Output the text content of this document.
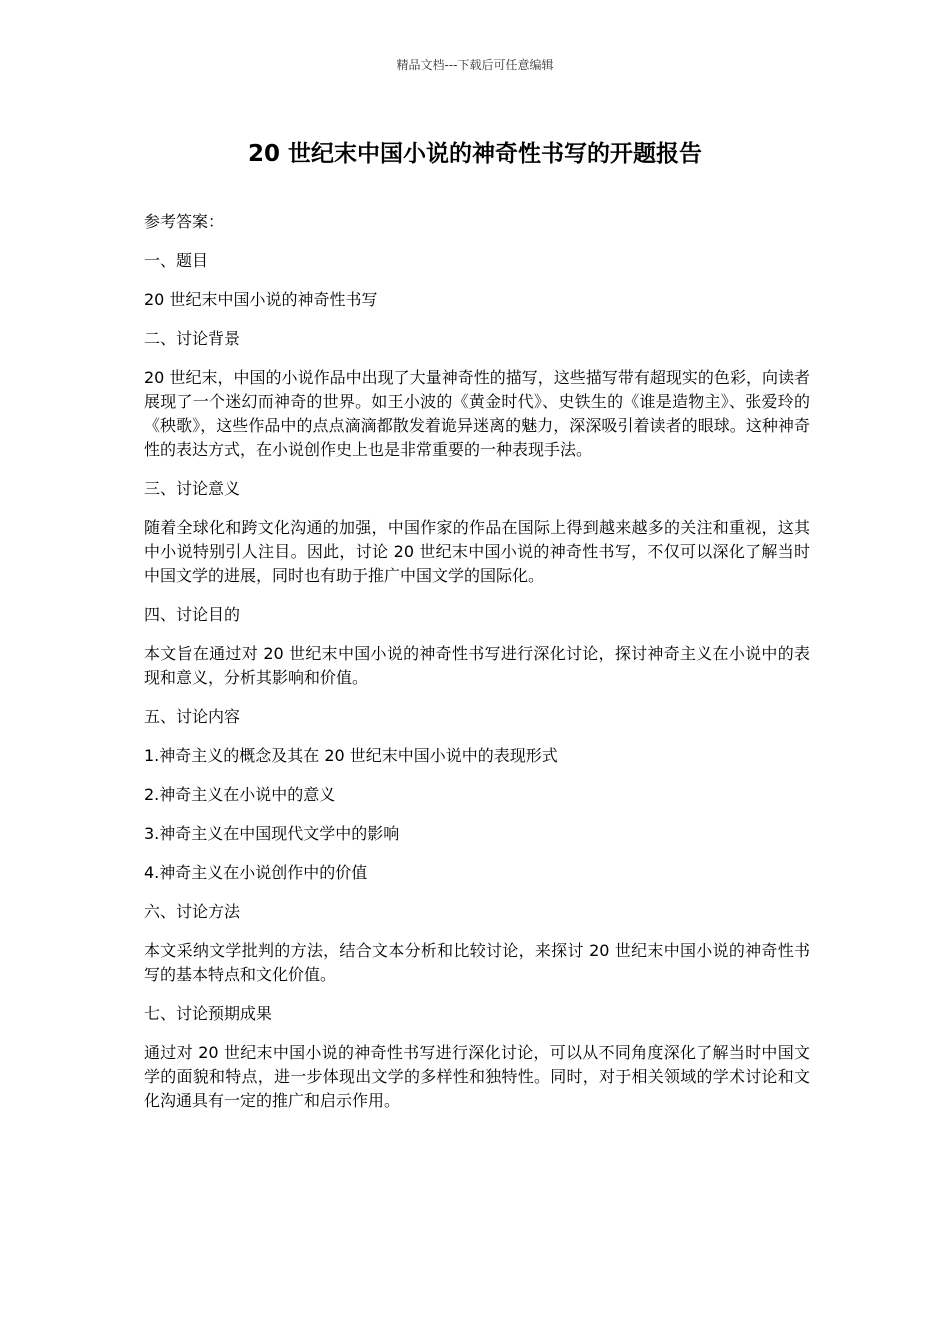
精品文档---下载后可任意编辑
20 世纪末中国小说的神奇性书写的开题报告

参考答案：

一、题目

20 世纪末中国小说的神奇性书写

二、讨论背景

20 世纪末，中国的小说作品中出现了大量神奇性的描写，这些描写带有超现实的色彩，向读者展现了一个迷幻而神奇的世界。如王小波的《黄金时代》、史铁生的《谁是造物主》、张爱玲的《秧歌》，这些作品中的点点滴滴都散发着诡异迷离的魅力，深深吸引着读者的眼球。这种神奇性的表达方式，在小说创作史上也是非常重要的一种表现手法。

三、讨论意义

随着全球化和跨文化沟通的加强，中国作家的作品在国际上得到越来越多的关注和重视，这其中小说特别引人注目。因此，讨论 20 世纪末中国小说的神奇性书写，不仅可以深化了解当时中国文学的进展，同时也有助于推广中国文学的国际化。

四、讨论目的

本文旨在通过对 20 世纪末中国小说的神奇性书写进行深化讨论，探讨神奇主义在小说中的表现和意义，分析其影响和价值。

五、讨论内容

1.神奇主义的概念及其在 20 世纪末中国小说中的表现形式

2.神奇主义在小说中的意义

3.神奇主义在中国现代文学中的影响

4.神奇主义在小说创作中的价值

六、讨论方法

本文采纳文学批判的方法，结合文本分析和比较讨论，来探讨 20 世纪末中国小说的神奇性书写的基本特点和文化价值。

七、讨论预期成果

通过对 20 世纪末中国小说的神奇性书写进行深化讨论，可以从不同角度深化了解当时中国文学的面貌和特点，进一步体现出文学的多样性和独特性。同时，对于相关领域的学术讨论和文化沟通具有一定的推广和启示作用。
